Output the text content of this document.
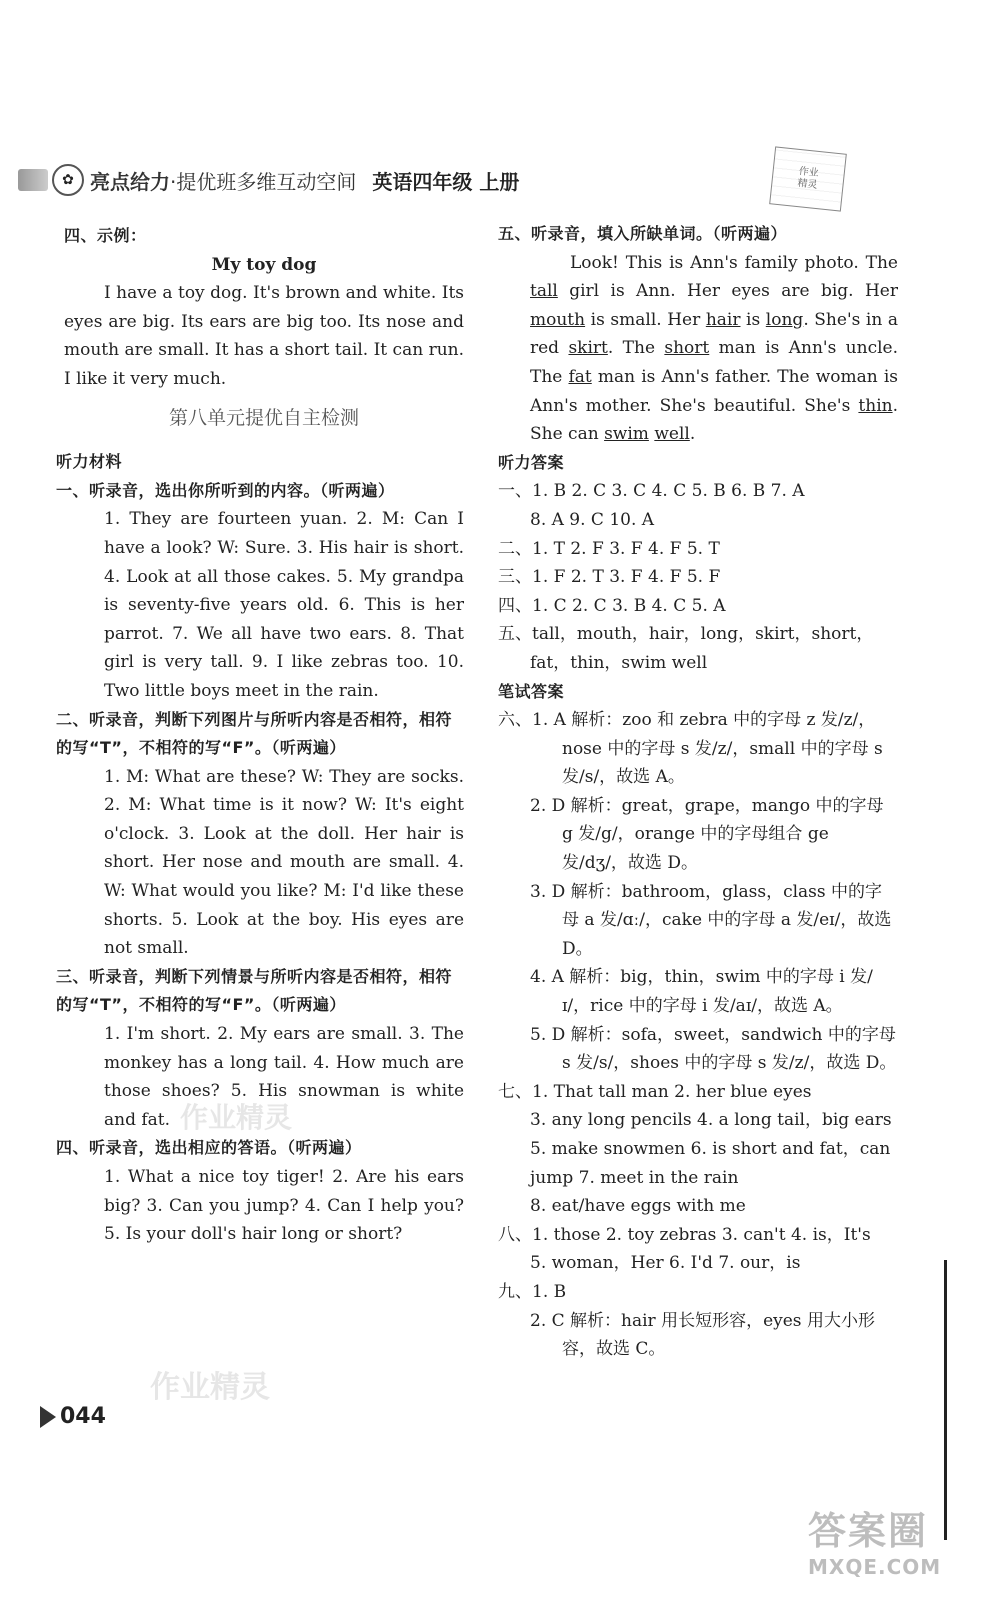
✿ 亮点给力 ·提优班多维互动空间 英语四年级 上册	作业
精灵
四、示例：
My toy dog
I have a toy dog. It's brown and white. Its eyes are big. Its ears are big too. Its nose and mouth are small. It has a short tail. It can run. I like it very much.
第八单元提优自主检测
听力材料
一、听录音，选出你所听到的内容。（听两遍）
1. They are fourteen yuan. 2. M: Can I have a look? W: Sure. 3. His hair is short. 4. Look at all those cakes. 5. My grandpa is seventy-five years old. 6. This is her parrot. 7. We all have two ears. 8. That girl is very tall. 9. I like zebras too. 10. Two little boys meet in the rain.
二、听录音，判断下列图片与所听内容是否相符，相符的写“T”，不相符的写“F”。（听两遍）
1. M: What are these? W: They are socks. 2. M: What time is it now? W: It's eight o'clock. 3. Look at the doll. Her hair is short. Her nose and mouth are small. 4. W: What would you like? M: I'd like these shorts. 5. Look at the boy. His eyes are not small.
三、听录音，判断下列情景与所听内容是否相符，相符的写“T”，不相符的写“F”。（听两遍）
1. I'm short. 2. My ears are small. 3. The monkey has a long tail. 4. How much are those shoes? 5. His snowman is white and fat.
四、听录音，选出相应的答语。（听两遍）
1. What a nice toy tiger! 2. Are his ears big? 3. Can you jump? 4. Can I help you? 5. Is your doll's hair long or short?
五、听录音，填入所缺单词。（听两遍）
Look! This is Ann's family photo. The tall girl is Ann. Her eyes are big. Her mouth is small. Her hair is long. She's in a red skirt. The short man is Ann's uncle. The fat man is Ann's father. The woman is Ann's mother. She's beautiful. She's thin. She can swim well.
听力答案
一、1. B 2. C 3. C 4. C 5. B 6. B 7. A
8. A 9. C 10. A
二、1. T 2. F 3. F 4. F 5. T
三、1. F 2. T 3. F 4. F 5. F
四、1. C 2. C 3. B 4. C 5. A
五、tall，mouth，hair，long，skirt，short，fat，thin，swim well
笔试答案
六、1. A 解析：zoo 和 zebra 中的字母 z 发/z/，nose 中的字母 s 发/z/，small 中的字母 s 发/s/，故选 A。
2. D 解析：great，grape，mango 中的字母 g 发/g/，orange 中的字母组合 ge 发/dʒ/，故选 D。
3. D 解析：bathroom，glass，class 中的字母 a 发/ɑː/，cake 中的字母 a 发/eɪ/，故选 D。
4. A 解析：big，thin，swim 中的字母 i 发/ɪ/，rice 中的字母 i 发/aɪ/，故选 A。
5. D 解析：sofa，sweet，sandwich 中的字母 s 发/s/，shoes 中的字母 s 发/z/，故选 D。
七、1. That tall man 2. her blue eyes
3. any long pencils 4. a long tail，big ears 5. make snowmen 6. is short and fat，can jump 7. meet in the rain
8. eat/have eggs with me
八、1. those 2. toy zebras 3. can't 4. is，It's
5. woman，Her 6. I'd 7. our，is
九、1. B
2. C 解析：hair 用长短形容，eyes 用大小形容，故选 C。
作业精灵
作业精灵
044
答案圈
MXQE.COM
